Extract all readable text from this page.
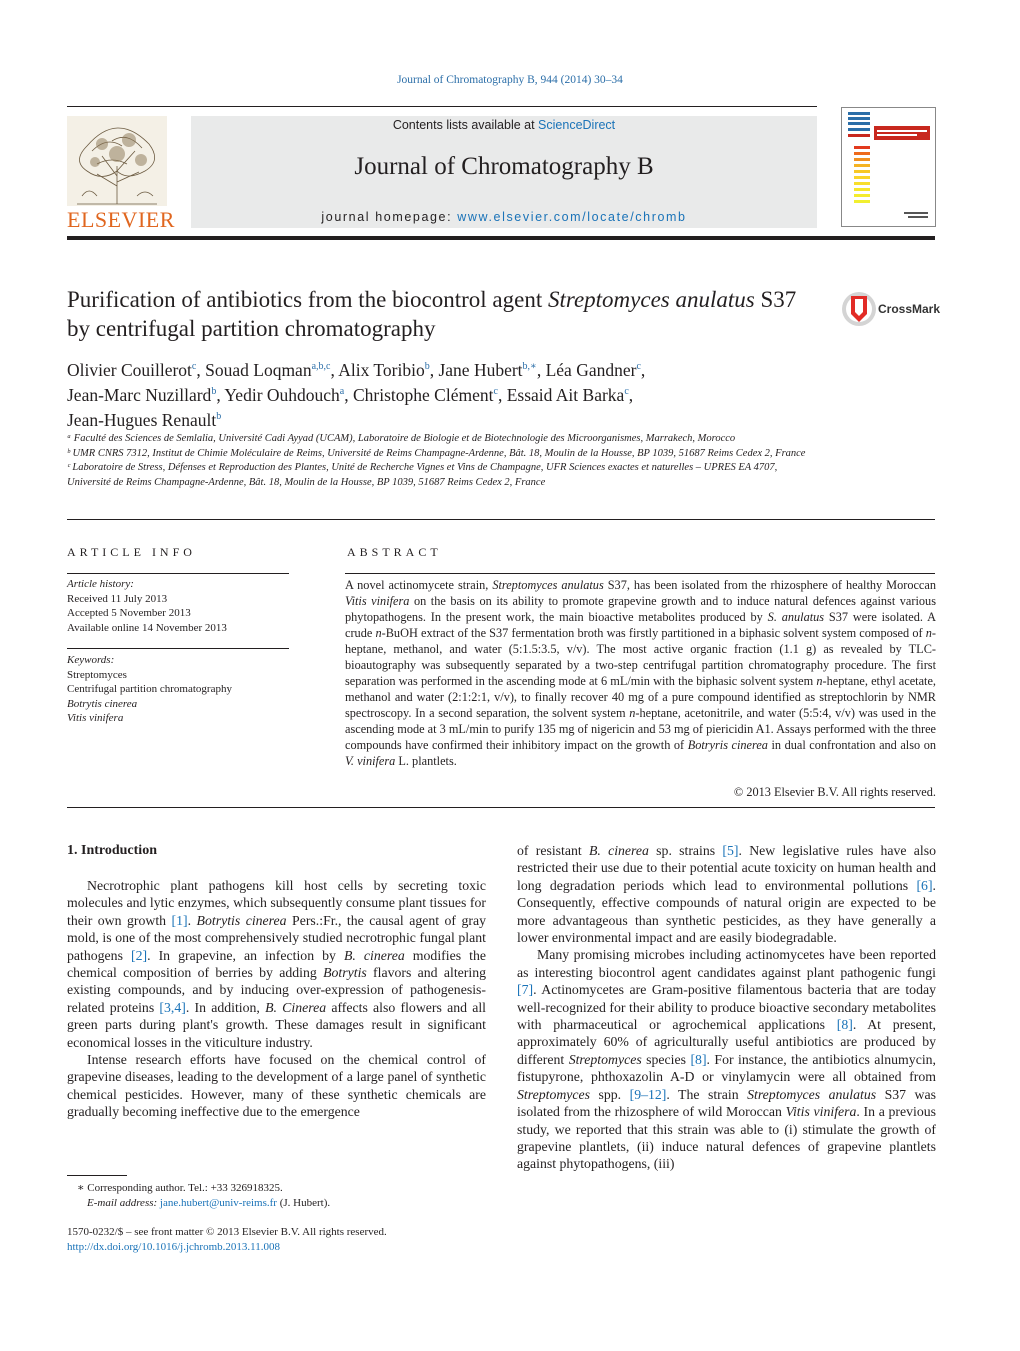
Journal of Chromatography B, 944 (2014) 30–34
ELSEVIER
Contents lists available at ScienceDirect
Journal of Chromatography B
journal homepage: www.elsevier.com/locate/chromb
Purification of antibiotics from the biocontrol agent Streptomyces anulatus S37 by centrifugal partition chromatography
CrossMark
Olivier Couillerot$^c$, Souad Loqman$^{a,b,c}$, Alix Toribio$^b$, Jane Hubert$^{b,∗}$, Léa Gandner$^c$,
Jean-Marc Nuzillard$^b$, Yedir Ouhdouch$^a$, Christophe Clément$^c$, Essaid Ait Barka$^c$,
Jean-Hugues Renault$^b$

ᵃ Faculté des Sciences de Semlalia, Université Cadi Ayyad (UCAM), Laboratoire de Biologie et de Biotechnologie des Microorganismes, Marrakech, Morocco

ᵇ UMR CNRS 7312, Institut de Chimie Moléculaire de Reims, Université de Reims Champagne-Ardenne, Bât. 18, Moulin de la Housse, BP 1039, 51687 Reims Cedex 2, France

ᶜ Laboratoire de Stress, Défenses et Reproduction des Plantes, Unité de Recherche Vignes et Vins de Champagne, UFR Sciences exactes et naturelles – UPRES EA 4707, Université de Reims Champagne-Ardenne, Bât. 18, Moulin de la Housse, BP 1039, 51687 Reims Cedex 2, France

ARTICLE INFO
Article history:
Received 11 July 2013
Accepted 5 November 2013
Available online 14 November 2013
Keywords:
Streptomyces
Centrifugal partition chromatography
Botrytis cinerea
Vitis vinifera
ABSTRACT
A novel actinomycete strain, Streptomyces anulatus S37, has been isolated from the rhizosphere of healthy Moroccan Vitis vinifera on the basis on its ability to promote grapevine growth and to induce natural defences against various phytopathogens. In the present work, the main bioactive metabolites produced by S. anulatus S37 were isolated. A crude n-BuOH extract of the S37 fermentation broth was firstly partitioned in a biphasic solvent system composed of n-heptane, methanol, and water (5:1.5:3.5, v/v). The most active organic fraction (1.1 g) as revealed by TLC-bioautography was subsequently separated by a two-step centrifugal partition chromatography procedure. The first separation was performed in the ascending mode at 6 mL/min with the biphasic solvent system n-heptane, ethyl acetate, methanol and water (2:1:2:1, v/v), to finally recover 40 mg of a pure compound identified as streptochlorin by NMR spectroscopy. In a second separation, the solvent system n-heptane, acetonitrile, and water (5:5:4, v/v) was used in the ascending mode at 3 mL/min to purify 135 mg of nigericin and 53 mg of piericidin A1. Assays performed with the three compounds have confirmed their inhibitory impact on the growth of Botryris cinerea in dual confrontation and also on V. vinifera L. plantlets.
© 2013 Elsevier B.V. All rights reserved.
1. Introduction

Necrotrophic plant pathogens kill host cells by secreting toxic molecules and lytic enzymes, which subsequently consume plant tissues for their own growth [1]. Botrytis cinerea Pers.:Fr., the causal agent of gray mold, is one of the most comprehensively studied necrotrophic fungal plant pathogens [2]. In grapevine, an infection by B. cinerea modifies the chemical composition of berries by adding Botrytis flavors and altering existing compounds, and by inducing over-expression of pathogenesis-related proteins [3,4]. In addition, B. Cinerea affects also flowers and all green parts during plant's growth. These damages result in significant economical losses in the viticulture industry.

Intense research efforts have focused on the chemical control of grapevine diseases, leading to the development of a large panel of synthetic chemical pesticides. However, many of these synthetic chemicals are gradually becoming ineffective due to the emergence

of resistant B. cinerea sp. strains [5]. New legislative rules have also restricted their use due to their potential acute toxicity on human health and long degradation periods which lead to environmental pollutions [6]. Consequently, effective compounds of natural origin are expected to be more advantageous than synthetic pesticides, as they have generally a lower environmental impact and are easily biodegradable.

Many promising microbes including actinomycetes have been reported as interesting biocontrol agent candidates against plant pathogenic fungi [7]. Actinomycetes are Gram-positive filamentous bacteria that are today well-recognized for their ability to produce bioactive secondary metabolites with pharmaceutical or agrochemical applications [8]. At present, approximately 60% of agriculturally useful antibiotics are produced by different Streptomyces species [8]. For instance, the antibiotics alnumycin, fistupyrone, phthoxazolin A-D or vinylamycin were all obtained from Streptomyces spp. [9–12]. The strain Streptomyces anulatus S37 was isolated from the rhizosphere of wild Moroccan Vitis vinifera. In a previous study, we reported that this strain was able to (i) stimulate the growth of grapevine plantlets, (ii) induce natural defences of grapevine plantlets against phytopathogens, (iii)

∗ Corresponding author. Tel.: +33 326918325.
E-mail address: jane.hubert@univ-reims.fr (J. Hubert).
1570-0232/$ – see front matter © 2013 Elsevier B.V. All rights reserved.
http://dx.doi.org/10.1016/j.jchromb.2013.11.008
